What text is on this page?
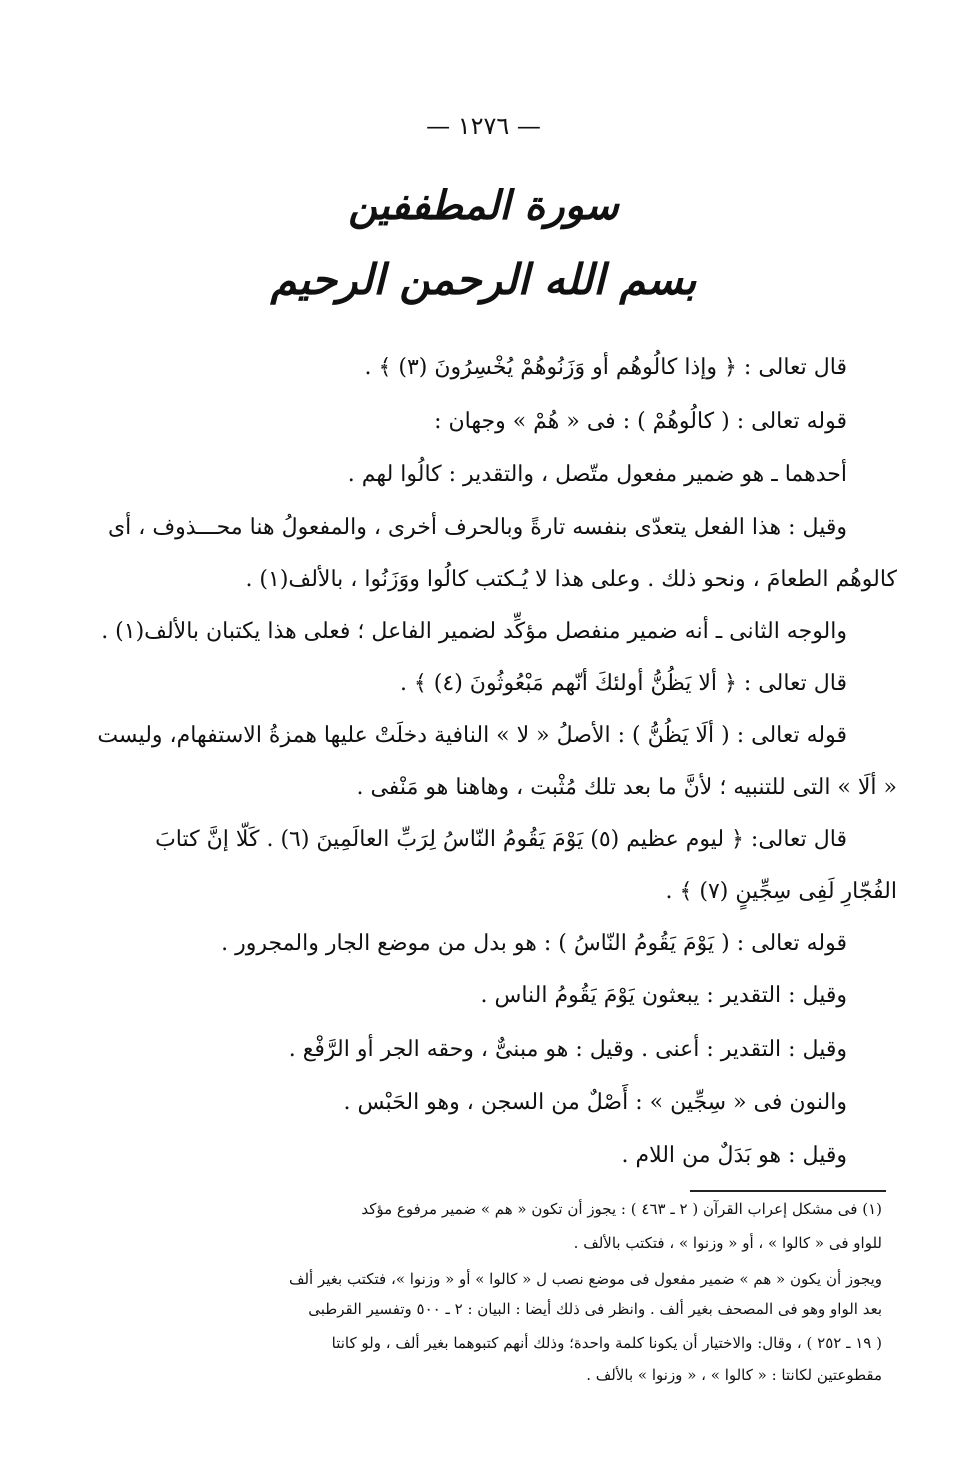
— ١٢٧٦ —
سورة المطففين
بسم الله الرحمن الرحيم
قال تعالى : ﴿ وإذا كالُوهُم أو وَزَنُوهُمْ يُخْسِرُونَ (٣) ﴾ .
قوله تعالى : ( كالُوهُمْ ) : فى « هُمْ » وجهان :
أحدهما ـ هو ضمير مفعول متّصل ، والتقدير : كالُوا لهم .
وقيل : هذا الفعل يتعدّى بنفسه تارةً وبالحرف أخرى ، والمفعولُ هنا محـــذوف ، أى
كالوهُم الطعامَ ، ونحو ذلك . وعلى هذا لا يُـكتب كالُوا ووَزَنُوا ، بالألف(١) .
والوجه الثانى ـ أنه ضمير منفصل مؤكِّد لضمير الفاعل ؛ فعلى هذا يكتبان بالألف(١) .
قال تعالى : ﴿ ألا يَظُنُّ أولئكَ أنّهم مَبْعُوثُونَ (٤) ﴾ .
قوله تعالى : ( ألَا يَظُنُّ ) : الأصلُ « لا » النافية دخلَتْ عليها همزةُ الاستفهام، وليست
« ألَا » التى للتنبيه ؛ لأنَّ ما بعد تلك مُثْبت ، وهاهنا هو مَنْفى .
قال تعالى: ﴿ ليوم عظيم (٥) يَوْمَ يَقُومُ النّاسُ لِرَبِّ العالَمِينَ (٦) . كَلّا إنَّ كتابَ
الفُجّارِ لَفِى سِجِّينٍ (٧) ﴾ .
قوله تعالى : ( يَوْمَ يَقُومُ النّاسُ ) : هو بدل من موضع الجار والمجرور .
وقيل : التقدير : يبعثون يَوْمَ يَقُومُ الناس .
وقيل : التقدير : أعنى . وقيل : هو مبنىٌّ ، وحقه الجر أو الرَّفْع .
والنون فى « سِجِّين » : أَصْلٌ من السجن ، وهو الحَبْس .
وقيل : هو بَدَلٌ من اللام .
(١) فى مشكل إعراب القرآن ( ٢ ـ ٤٦٣ ) : يجوز أن تكون « هم » ضمير مرفوع مؤكد
للواو فى « كالوا » ، أو « وزنوا » ، فتكتب بالألف .
ويجوز أن يكون « هم » ضمير مفعول فى موضع نصب ل « كالوا » أو « وزنوا »، فتكتب بغير ألف
بعد الواو وهو فى المصحف بغير ألف . وانظر فى ذلك أيضا : البيان : ٢ ـ ٥٠٠ وتفسير القرطبى
( ١٩ ـ ٢٥٢ ) ، وقال: والاختيار أن يكونا كلمة واحدة؛ وذلك أنهم كتبوهما بغير ألف ، ولو كانتا
مقطوعتين لكانتا : « كالوا » ، « وزنوا » بالألف .
